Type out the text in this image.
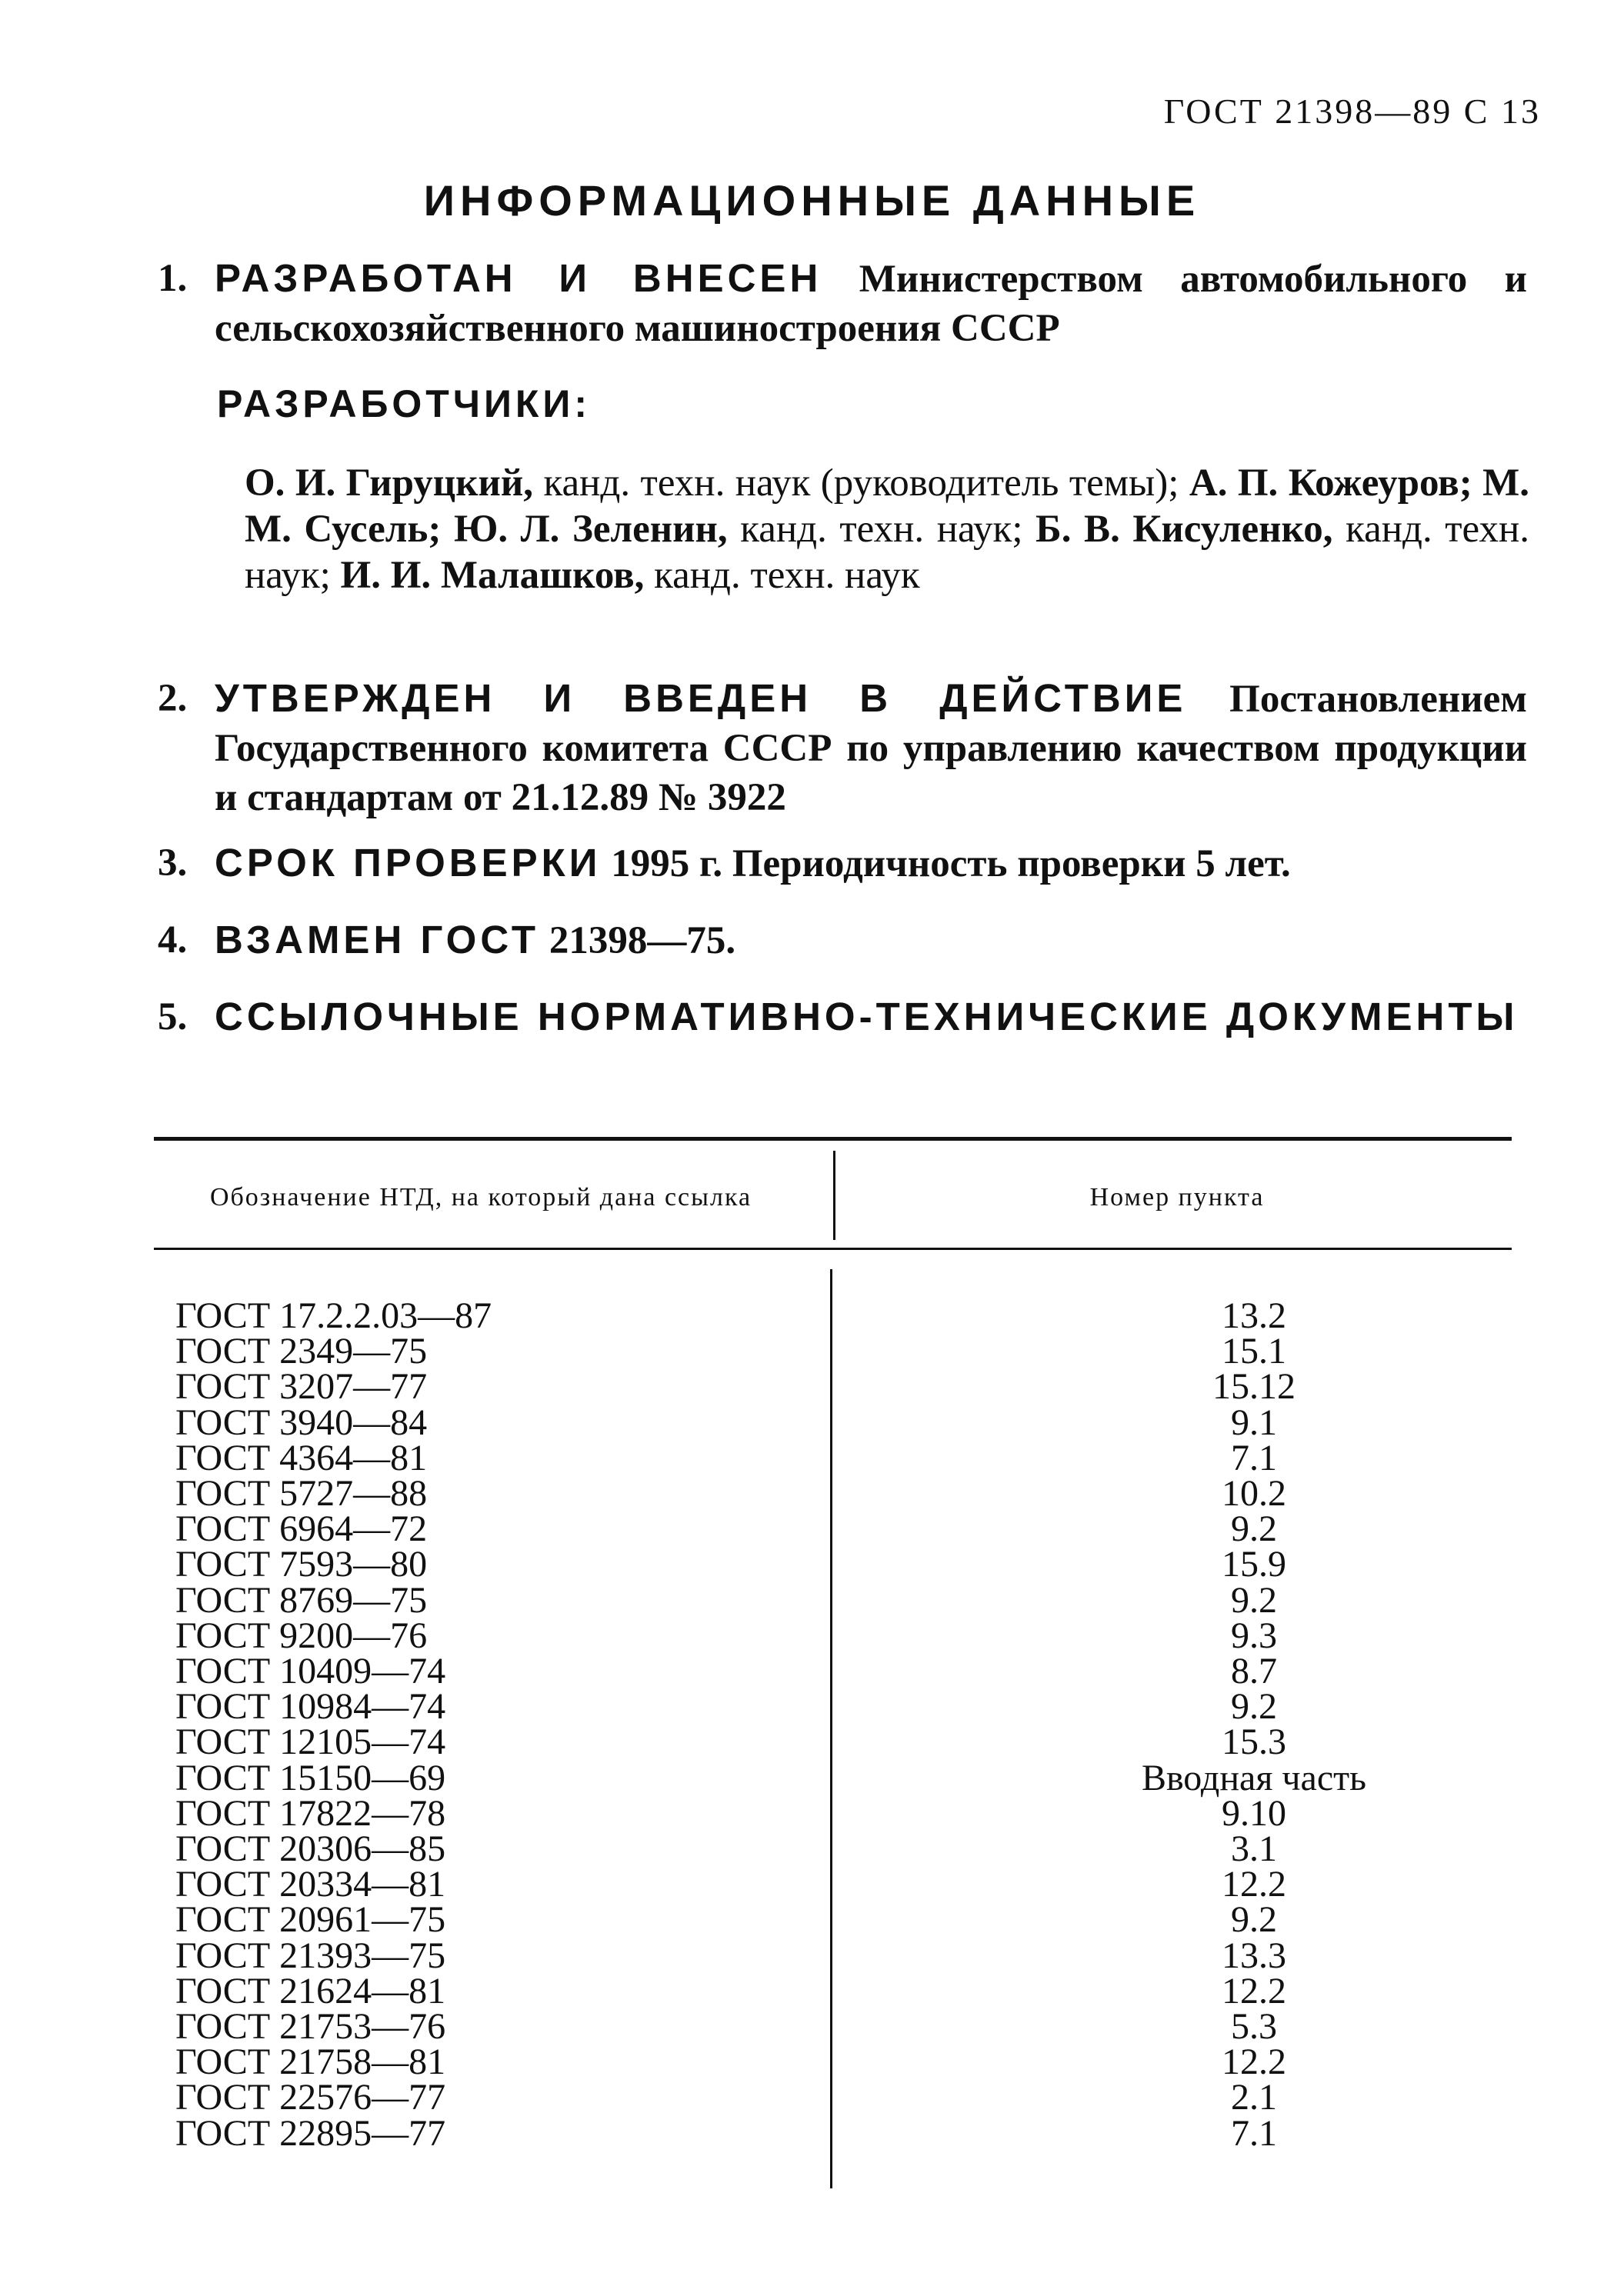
ГОСТ 21398—89 С 13
ИНФОРМАЦИОННЫЕ ДАННЫЕ
1. РАЗРАБОТАН И ВНЕСЕН Министерством автомобильного и сельскохозяйственного машиностроения СССР
РАЗРАБОТЧИКИ:
О. И. Гируцкий, канд. техн. наук (руководитель темы); А. П. Кожеуров; М. М. Сусель; Ю. Л. Зеленин, канд. техн. наук; Б. В. Кисуленко, канд. техн. наук; И. И. Малашков, канд. техн. наук
2. УТВЕРЖДЕН И ВВЕДЕН В ДЕЙСТВИЕ Постановлением Государственного комитета СССР по управлению качеством продукции и стандартам от 21.12.89 № 3922
3. СРОК ПРОВЕРКИ 1995 г. Периодичность проверки 5 лет.
4. ВЗАМЕН ГОСТ 21398—75.
5. ССЫЛОЧНЫЕ НОРМАТИВНО-ТЕХНИЧЕСКИЕ ДОКУМЕНТЫ
Обозначение НТД, на который дана ссылка	Номер пункта
ГОСТ 17.2.2.03—87
ГОСТ 2349—75
ГОСТ 3207—77
ГОСТ 3940—84
ГОСТ 4364—81
ГОСТ 5727—88
ГОСТ 6964—72
ГОСТ 7593—80
ГОСТ 8769—75
ГОСТ 9200—76
ГОСТ 10409—74
ГОСТ 10984—74
ГОСТ 12105—74
ГОСТ 15150—69
ГОСТ 17822—78
ГОСТ 20306—85
ГОСТ 20334—81
ГОСТ 20961—75
ГОСТ 21393—75
ГОСТ 21624—81
ГОСТ 21753—76
ГОСТ 21758—81
ГОСТ 22576—77
ГОСТ 22895—77
13.2
15.1
15.12
9.1
7.1
10.2
9.2
15.9
9.2
9.3
8.7
9.2
15.3
Вводная часть
9.10
3.1
12.2
9.2
13.3
12.2
5.3
12.2
2.1
7.1
